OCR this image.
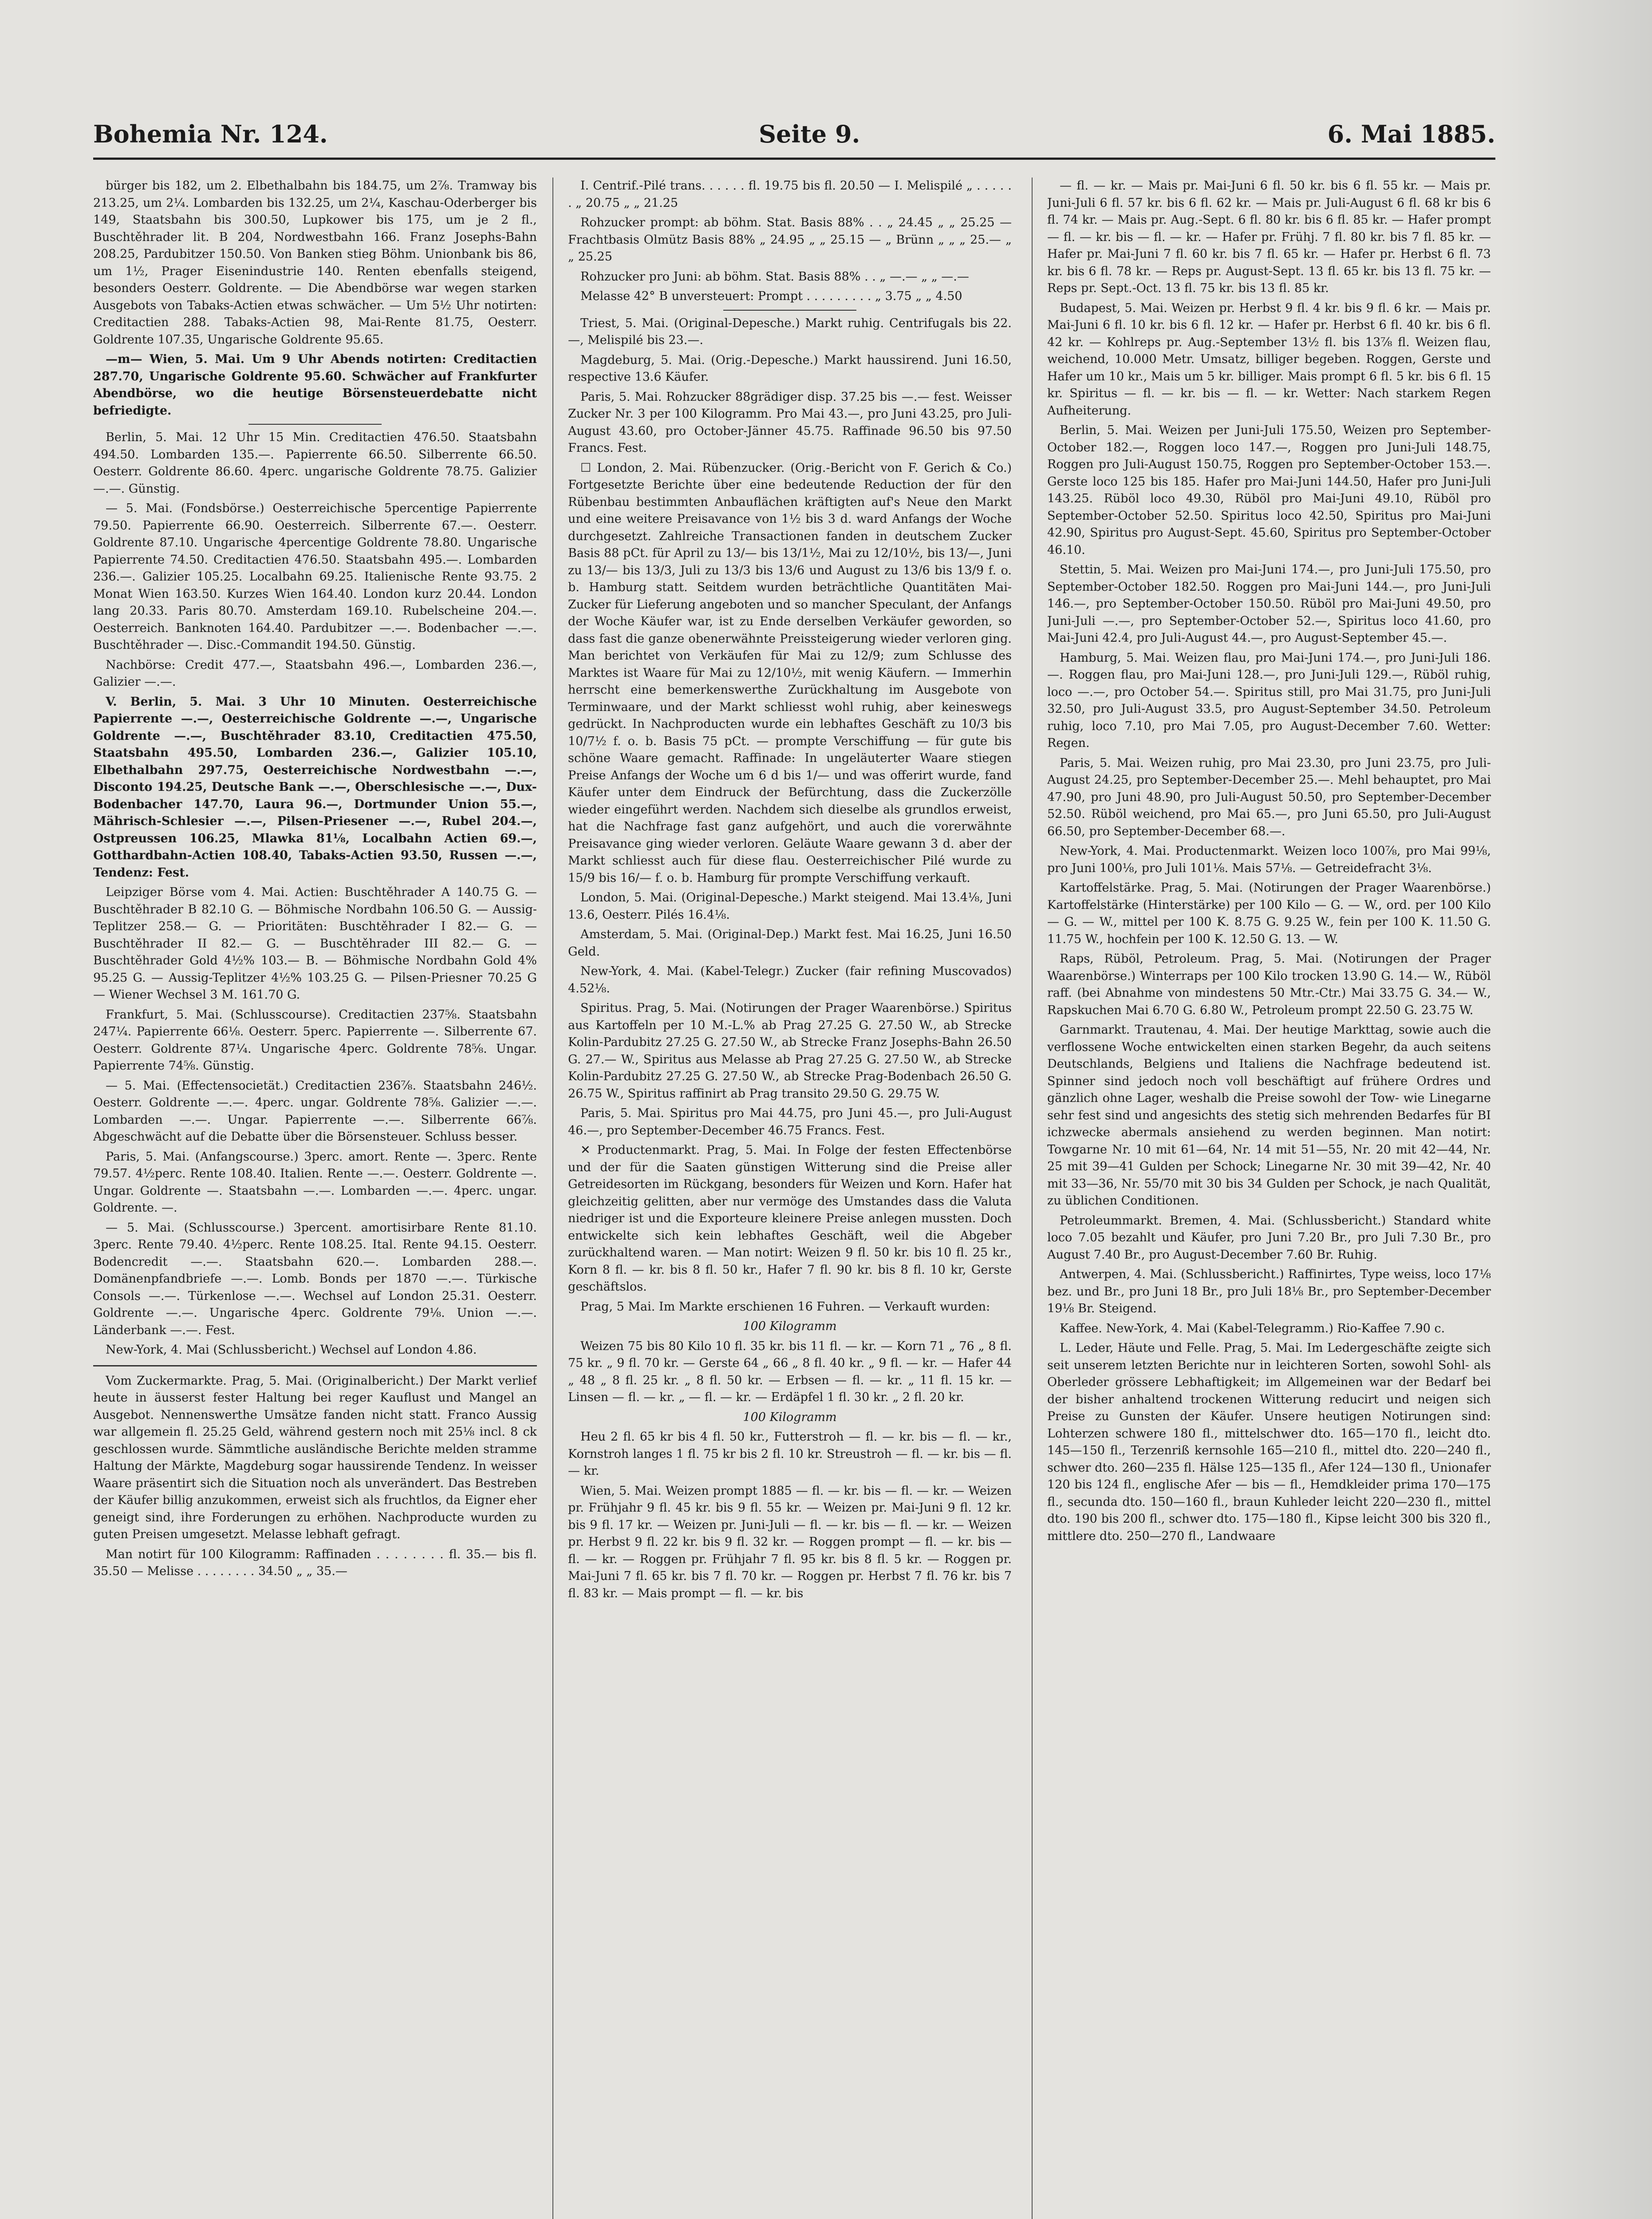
Bohemia Nr. 124.	Seite 9.	6. Mai 1885.

bürger bis 182, um 2. Elbethalbahn bis 184.75, um 2⅞. Tramway bis 213.25, um 2¼. Lombarden bis 132.25, um 2¼, Kaschau-Oderberger bis 149, Staatsbahn bis 300.50, Lupkower bis 175, um je 2 fl., Buschtěhrader lit. B 204, Nordwestbahn 166. Franz Josephs-Bahn 208.25, Pardubitzer 150.50. Von Banken stieg Böhm. Unionbank bis 86, um 1½, Prager Eisenindustrie 140. Renten ebenfalls steigend, besonders Oesterr. Goldrente. — Die Abendbörse war wegen starken Ausgebots von Tabaks-Actien etwas schwächer. — Um 5½ Uhr notirten: Creditactien 288. Tabaks-Actien 98, Mai-Rente 81.75, Oesterr. Goldrente 107.35, Ungarische Goldrente 95.65.

—m— Wien, 5. Mai. Um 9 Uhr Abends notirten: Creditactien 287.70, Ungarische Goldrente 95.60. Schwächer auf Frankfurter Abendbörse, wo die heutige Börsensteuerdebatte nicht befriedigte.

Berlin, 5. Mai. 12 Uhr 15 Min. Creditactien 476.50. Staatsbahn 494.50. Lombarden 135.—. Papierrente 66.50. Silberrente 66.50. Oesterr. Goldrente 86.60. 4perc. ungarische Goldrente 78.75. Galizier —.—. Günstig.

— 5. Mai. (Fondsbörse.) Oesterreichische 5percentige Papierrente 79.50. Papierrente 66.90. Oesterreich. Silberrente 67.—. Oesterr. Goldrente 87.10. Ungarische 4percentige Goldrente 78.80. Ungarische Papierrente 74.50. Creditactien 476.50. Staatsbahn 495.—. Lombarden 236.—. Galizier 105.25. Localbahn 69.25. Italienische Rente 93.75. 2 Monat Wien 163.50. Kurzes Wien 164.40. London kurz 20.44. London lang 20.33. Paris 80.70. Amsterdam 169.10. Rubelscheine 204.—. Oesterreich. Banknoten 164.40. Pardubitzer —.—. Bodenbacher —.—. Buschtěhrader —. Disc.-Commandit 194.50. Günstig.

Nachbörse: Credit 477.—, Staatsbahn 496.—, Lombarden 236.—, Galizier —.—.

V. Berlin, 5. Mai. 3 Uhr 10 Minuten. Oesterreichische Papierrente —.—, Oesterreichische Goldrente —.—, Ungarische Goldrente —.—, Buschtěhrader 83.10, Creditactien 475.50, Staatsbahn 495.50, Lombarden 236.—, Galizier 105.10, Elbethalbahn 297.75, Oesterreichische Nordwestbahn —.—, Disconto 194.25, Deutsche Bank —.—, Oberschlesische —.—, Dux-Bodenbacher 147.70, Laura 96.—, Dortmunder Union 55.—, Mährisch-Schlesier —.—, Pilsen-Priesener —.—, Rubel 204.—, Ostpreussen 106.25, Mlawka 81⅛, Localbahn Actien 69.—, Gotthardbahn-Actien 108.40, Tabaks-Actien 93.50, Russen —.—, Tendenz: Fest.

Leipziger Börse vom 4. Mai. Actien: Buschtěhrader A 140.75 G. — Buschtěhrader B 82.10 G. — Böhmische Nordbahn 106.50 G. — Aussig-Teplitzer 258.— G. — Prioritäten: Buschtěhrader I 82.— G. — Buschtěhrader II 82.— G. — Buschtěhrader III 82.— G. — Buschtěhrader Gold 4½% 103.— B. — Böhmische Nordbahn Gold 4% 95.25 G. — Aussig-Teplitzer 4½% 103.25 G. — Pilsen-Priesner 70.25 G — Wiener Wechsel 3 M. 161.70 G.

Frankfurt, 5. Mai. (Schlusscourse). Creditactien 237⅝. Staatsbahn 247¼. Papierrente 66⅛. Oesterr. 5perc. Papierrente —. Silberrente 67. Oesterr. Goldrente 87¼. Ungarische 4perc. Goldrente 78⅝. Ungar. Papierrente 74⅝. Günstig.

— 5. Mai. (Effectensocietät.) Creditactien 236⅞. Staatsbahn 246½. Oesterr. Goldrente —.—. 4perc. ungar. Goldrente 78⅝. Galizier —.—. Lombarden —.—. Ungar. Papierrente —.—. Silberrente 66⅞. Abgeschwächt auf die Debatte über die Börsensteuer. Schluss besser.

Paris, 5. Mai. (Anfangscourse.) 3perc. amort. Rente —. 3perc. Rente 79.57. 4½perc. Rente 108.40. Italien. Rente —.—. Oesterr. Goldrente —. Ungar. Goldrente —. Staatsbahn —.—. Lombarden —.—. 4perc. ungar. Goldrente. —.

— 5. Mai. (Schlusscourse.) 3percent. amortisirbare Rente 81.10. 3perc. Rente 79.40. 4½perc. Rente 108.25. Ital. Rente 94.15. Oesterr. Bodencredit —.—. Staatsbahn 620.—. Lombarden 288.—. Domänenpfandbriefe —.—. Lomb. Bonds per 1870 —.—. Türkische Consols —.—. Türkenlose —.—. Wechsel auf London 25.31. Oesterr. Goldrente —.—. Ungarische 4perc. Goldrente 79⅛. Union —.—. Länderbank —.—. Fest.

New-York, 4. Mai (Schlussbericht.) Wechsel auf London 4.86.

Vom Zuckermarkte. Prag, 5. Mai. (Originalbericht.) Der Markt verlief heute in äusserst fester Haltung bei reger Kauflust und Mangel an Ausgebot. Nennenswerthe Umsätze fanden nicht statt. Franco Aussig war allgemein fl. 25.25 Geld, während gestern noch mit 25⅛ incl. 8 ck geschlossen wurde. Sämmtliche ausländische Berichte melden stramme Haltung der Märkte, Magdeburg sogar haussirende Tendenz. In weisser Waare präsentirt sich die Situation noch als unverändert. Das Bestreben der Käufer billig anzukommen, erweist sich als fruchtlos, da Eigner eher geneigt sind, ihre Forderungen zu erhöhen. Nachproducte wurden zu guten Preisen umgesetzt. Melasse lebhaft gefragt.

Man notirt für 100 Kilogramm: Raffinaden . . . . . . . . fl. 35.— bis fl. 35.50 — Melisse . . . . . . . . 34.50 „ „ 35.—

I. Centrif.-Pilé trans. . . . . . fl. 19.75 bis fl. 20.50 — I. Melispilé „ . . . . . . „ 20.75 „ „ 21.25

Rohzucker prompt: ab böhm. Stat. Basis 88% . . „ 24.45 „ „ 25.25 — Frachtbasis Olmütz Basis 88% „ 24.95 „ „ 25.15 — „ Brünn „ „ „ 25.— „ „ 25.25

Rohzucker pro Juni: ab böhm. Stat. Basis 88% . . „ —.— „ „ —.—

Melasse 42° B unversteuert: Prompt . . . . . . . . . „ 3.75 „ „ 4.50

Triest, 5. Mai. (Original-Depesche.) Markt ruhig. Centrifugals bis 22.—, Melispilé bis 23.—.

Magdeburg, 5. Mai. (Orig.-Depesche.) Markt haussirend. Juni 16.50, respective 13.6 Käufer.

Paris, 5. Mai. Rohzucker 88grädiger disp. 37.25 bis —.— fest. Weisser Zucker Nr. 3 per 100 Kilogramm. Pro Mai 43.—, pro Juni 43.25, pro Juli-August 43.60, pro October-Jänner 45.75. Raffinade 96.50 bis 97.50 Francs. Fest.

☐ London, 2. Mai. Rübenzucker. (Orig.-Bericht von F. Gerich & Co.) Fortgesetzte Berichte über eine bedeutende Reduction der für den Rübenbau bestimmten Anbauflächen kräftigten auf's Neue den Markt und eine weitere Preisavance von 1½ bis 3 d. ward Anfangs der Woche durchgesetzt. Zahlreiche Transactionen fanden in deutschem Zucker Basis 88 pCt. für April zu 13/— bis 13/1½, Mai zu 12/10½, bis 13/—, Juni zu 13/— bis 13/3, Juli zu 13/3 bis 13/6 und August zu 13/6 bis 13/9 f. o. b. Hamburg statt. Seitdem wurden beträchtliche Quantitäten Mai-Zucker für Lieferung angeboten und so mancher Speculant, der Anfangs der Woche Käufer war, ist zu Ende derselben Verkäufer geworden, so dass fast die ganze obenerwähnte Preissteigerung wieder verloren ging. Man berichtet von Verkäufen für Mai zu 12/9; zum Schlusse des Marktes ist Waare für Mai zu 12/10½, mit wenig Käufern. — Immerhin herrscht eine bemerkenswerthe Zurückhaltung im Ausgebote von Terminwaare, und der Markt schliesst wohl ruhig, aber keineswegs gedrückt. In Nachproducten wurde ein lebhaftes Geschäft zu 10/3 bis 10/7½ f. o. b. Basis 75 pCt. — prompte Verschiffung — für gute bis schöne Waare gemacht. Raffinade: In ungeläuterter Waare stiegen Preise Anfangs der Woche um 6 d bis 1/— und was offerirt wurde, fand Käufer unter dem Eindruck der Befürchtung, dass die Zuckerzölle wieder eingeführt werden. Nachdem sich dieselbe als grundlos erweist, hat die Nachfrage fast ganz aufgehört, und auch die vorerwähnte Preisavance ging wieder verloren. Geläute Waare gewann 3 d. aber der Markt schliesst auch für diese flau. Oesterreichischer Pilé wurde zu 15/9 bis 16/— f. o. b. Hamburg für prompte Verschiffung verkauft.

London, 5. Mai. (Original-Depesche.) Markt steigend. Mai 13.4⅛, Juni 13.6, Oesterr. Pilés 16.4⅛.

Amsterdam, 5. Mai. (Original-Dep.) Markt fest. Mai 16.25, Juni 16.50 Geld.

New-York, 4. Mai. (Kabel-Telegr.) Zucker (fair refining Muscovados) 4.52⅛.

Spiritus. Prag, 5. Mai. (Notirungen der Prager Waarenbörse.) Spiritus aus Kartoffeln per 10 M.-L.% ab Prag 27.25 G. 27.50 W., ab Strecke Kolin-Pardubitz 27.25 G. 27.50 W., ab Strecke Franz Josephs-Bahn 26.50 G. 27.— W., Spiritus aus Melasse ab Prag 27.25 G. 27.50 W., ab Strecke Kolin-Pardubitz 27.25 G. 27.50 W., ab Strecke Prag-Bodenbach 26.50 G. 26.75 W., Spiritus raffinirt ab Prag transito 29.50 G. 29.75 W.

Paris, 5. Mai. Spiritus pro Mai 44.75, pro Juni 45.—, pro Juli-August 46.—, pro September-December 46.75 Francs. Fest.

✕ Productenmarkt. Prag, 5. Mai. In Folge der festen Effectenbörse und der für die Saaten günstigen Witterung sind die Preise aller Getreidesorten im Rückgang, besonders für Weizen und Korn. Hafer hat gleichzeitig gelitten, aber nur vermöge des Umstandes dass die Valuta niedriger ist und die Exporteure kleinere Preise anlegen mussten. Doch entwickelte sich kein lebhaftes Geschäft, weil die Abgeber zurückhaltend waren. — Man notirt: Weizen 9 fl. 50 kr. bis 10 fl. 25 kr., Korn 8 fl. — kr. bis 8 fl. 50 kr., Hafer 7 fl. 90 kr. bis 8 fl. 10 kr, Gerste geschäftslos.

Prag, 5 Mai. Im Markte erschienen 16 Fuhren. — Verkauft wurden:

100 Kilogramm

Weizen 75 bis 80 Kilo 10 fl. 35 kr. bis 11 fl. — kr. — Korn 71 „ 76 „ 8 fl. 75 kr. „ 9 fl. 70 kr. — Gerste 64 „ 66 „ 8 fl. 40 kr. „ 9 fl. — kr. — Hafer 44 „ 48 „ 8 fl. 25 kr. „ 8 fl. 50 kr. — Erbsen — fl. — kr. „ 11 fl. 15 kr. — Linsen — fl. — kr. „ — fl. — kr. — Erdäpfel 1 fl. 30 kr. „ 2 fl. 20 kr.

100 Kilogramm

Heu 2 fl. 65 kr bis 4 fl. 50 kr., Futterstroh — fl. — kr. bis — fl. — kr., Kornstroh langes 1 fl. 75 kr bis 2 fl. 10 kr. Streustroh — fl. — kr. bis — fl. — kr.

Wien, 5. Mai. Weizen prompt 1885 — fl. — kr. bis — fl. — kr. — Weizen pr. Frühjahr 9 fl. 45 kr. bis 9 fl. 55 kr. — Weizen pr. Mai-Juni 9 fl. 12 kr. bis 9 fl. 17 kr. — Weizen pr. Juni-Juli — fl. — kr. bis — fl. — kr. — Weizen pr. Herbst 9 fl. 22 kr. bis 9 fl. 32 kr. — Roggen prompt — fl. — kr. bis — fl. — kr. — Roggen pr. Frühjahr 7 fl. 95 kr. bis 8 fl. 5 kr. — Roggen pr. Mai-Juni 7 fl. 65 kr. bis 7 fl. 70 kr. — Roggen pr. Herbst 7 fl. 76 kr. bis 7 fl. 83 kr. — Mais prompt — fl. — kr. bis

— fl. — kr. — Mais pr. Mai-Juni 6 fl. 50 kr. bis 6 fl. 55 kr. — Mais pr. Juni-Juli 6 fl. 57 kr. bis 6 fl. 62 kr. — Mais pr. Juli-August 6 fl. 68 kr bis 6 fl. 74 kr. — Mais pr. Aug.-Sept. 6 fl. 80 kr. bis 6 fl. 85 kr. — Hafer prompt — fl. — kr. bis — fl. — kr. — Hafer pr. Frühj. 7 fl. 80 kr. bis 7 fl. 85 kr. — Hafer pr. Mai-Juni 7 fl. 60 kr. bis 7 fl. 65 kr. — Hafer pr. Herbst 6 fl. 73 kr. bis 6 fl. 78 kr. — Reps pr. August-Sept. 13 fl. 65 kr. bis 13 fl. 75 kr. — Reps pr. Sept.-Oct. 13 fl. 75 kr. bis 13 fl. 85 kr.

Budapest, 5. Mai. Weizen pr. Herbst 9 fl. 4 kr. bis 9 fl. 6 kr. — Mais pr. Mai-Juni 6 fl. 10 kr. bis 6 fl. 12 kr. — Hafer pr. Herbst 6 fl. 40 kr. bis 6 fl. 42 kr. — Kohlreps pr. Aug.-September 13½ fl. bis 13⅞ fl. Weizen flau, weichend, 10.000 Metr. Umsatz, billiger begeben. Roggen, Gerste und Hafer um 10 kr., Mais um 5 kr. billiger. Mais prompt 6 fl. 5 kr. bis 6 fl. 15 kr. Spiritus — fl. — kr. bis — fl. — kr. Wetter: Nach starkem Regen Aufheiterung.

Berlin, 5. Mai. Weizen per Juni-Juli 175.50, Weizen pro September-October 182.—, Roggen loco 147.—, Roggen pro Juni-Juli 148.75, Roggen pro Juli-August 150.75, Roggen pro September-October 153.—. Gerste loco 125 bis 185. Hafer pro Mai-Juni 144.50, Hafer pro Juni-Juli 143.25. Rüböl loco 49.30, Rüböl pro Mai-Juni 49.10, Rüböl pro September-October 52.50. Spiritus loco 42.50, Spiritus pro Mai-Juni 42.90, Spiritus pro August-Sept. 45.60, Spiritus pro September-October 46.10.

Stettin, 5. Mai. Weizen pro Mai-Juni 174.—, pro Juni-Juli 175.50, pro September-October 182.50. Roggen pro Mai-Juni 144.—, pro Juni-Juli 146.—, pro September-October 150.50. Rüböl pro Mai-Juni 49.50, pro Juni-Juli —.—, pro September-October 52.—, Spiritus loco 41.60, pro Mai-Juni 42.4, pro Juli-August 44.—, pro August-September 45.—.

Hamburg, 5. Mai. Weizen flau, pro Mai-Juni 174.—, pro Juni-Juli 186.—. Roggen flau, pro Mai-Juni 128.—, pro Juni-Juli 129.—, Rüböl ruhig, loco —.—, pro October 54.—. Spiritus still, pro Mai 31.75, pro Juni-Juli 32.50, pro Juli-August 33.5, pro August-September 34.50. Petroleum ruhig, loco 7.10, pro Mai 7.05, pro August-December 7.60. Wetter: Regen.

Paris, 5. Mai. Weizen ruhig, pro Mai 23.30, pro Juni 23.75, pro Juli-August 24.25, pro September-December 25.—. Mehl behauptet, pro Mai 47.90, pro Juni 48.90, pro Juli-August 50.50, pro September-December 52.50. Rüböl weichend, pro Mai 65.—, pro Juni 65.50, pro Juli-August 66.50, pro September-December 68.—.

New-York, 4. Mai. Productenmarkt. Weizen loco 100⅞, pro Mai 99⅛, pro Juni 100⅛, pro Juli 101⅛. Mais 57⅛. — Getreidefracht 3⅛.

Kartoffelstärke. Prag, 5. Mai. (Notirungen der Prager Waarenbörse.) Kartoffelstärke (Hinterstärke) per 100 Kilo — G. — W., ord. per 100 Kilo — G. — W., mittel per 100 K. 8.75 G. 9.25 W., fein per 100 K. 11.50 G. 11.75 W., hochfein per 100 K. 12.50 G. 13. — W.

Raps, Rüböl, Petroleum. Prag, 5. Mai. (Notirungen der Prager Waarenbörse.) Winterraps per 100 Kilo trocken 13.90 G. 14.— W., Rüböl raff. (bei Abnahme von mindestens 50 Mtr.-Ctr.) Mai 33.75 G. 34.— W., Rapskuchen Mai 6.70 G. 6.80 W., Petroleum prompt 22.50 G. 23.75 W.

Garnmarkt. Trautenau, 4. Mai. Der heutige Markttag, sowie auch die verflossene Woche entwickelten einen starken Begehr, da auch seitens Deutschlands, Belgiens und Italiens die Nachfrage bedeutend ist. Spinner sind jedoch noch voll beschäftigt auf frühere Ordres und gänzlich ohne Lager, weshalb die Preise sowohl der Tow- wie Linegarne sehr fest sind und angesichts des stetig sich mehrenden Bedarfes für BI ichzwecke abermals ansiehend zu werden beginnen. Man notirt: Towgarne Nr. 10 mit 61—64, Nr. 14 mit 51—55, Nr. 20 mit 42—44, Nr. 25 mit 39—41 Gulden per Schock; Linegarne Nr. 30 mit 39—42, Nr. 40 mit 33—36, Nr. 55/70 mit 30 bis 34 Gulden per Schock, je nach Qualität, zu üblichen Conditionen.

Petroleummarkt. Bremen, 4. Mai. (Schlussbericht.) Standard white loco 7.05 bezahlt und Käufer, pro Juni 7.20 Br., pro Juli 7.30 Br., pro August 7.40 Br., pro August-December 7.60 Br. Ruhig.

Antwerpen, 4. Mai. (Schlussbericht.) Raffinirtes, Type weiss, loco 17⅛ bez. und Br., pro Juni 18 Br., pro Juli 18⅛ Br., pro September-December 19⅛ Br. Steigend.

Kaffee. New-York, 4. Mai (Kabel-Telegramm.) Rio-Kaffee 7.90 c.

L. Leder, Häute und Felle. Prag, 5. Mai. Im Ledergeschäfte zeigte sich seit unserem letzten Berichte nur in leichteren Sorten, sowohl Sohl- als Oberleder grössere Lebhaftigkeit; im Allgemeinen war der Bedarf bei der bisher anhaltend trockenen Witterung reducirt und neigen sich Preise zu Gunsten der Käufer. Unsere heutigen Notirungen sind: Lohterzen schwere 180 fl., mittelschwer dto. 165—170 fl., leicht dto. 145—150 fl., Terzenriß kernsohle 165—210 fl., mittel dto. 220—240 fl., schwer dto. 260—235 fl. Hälse 125—135 fl., Afer 124—130 fl., Unionafer 120 bis 124 fl., englische Afer — bis — fl., Hemdkleider prima 170—175 fl., secunda dto. 150—160 fl., braun Kuhleder leicht 220—230 fl., mittel dto. 190 bis 200 fl., schwer dto. 175—180 fl., Kipse leicht 300 bis 320 fl., mittlere dto. 250—270 fl., Landwaare
